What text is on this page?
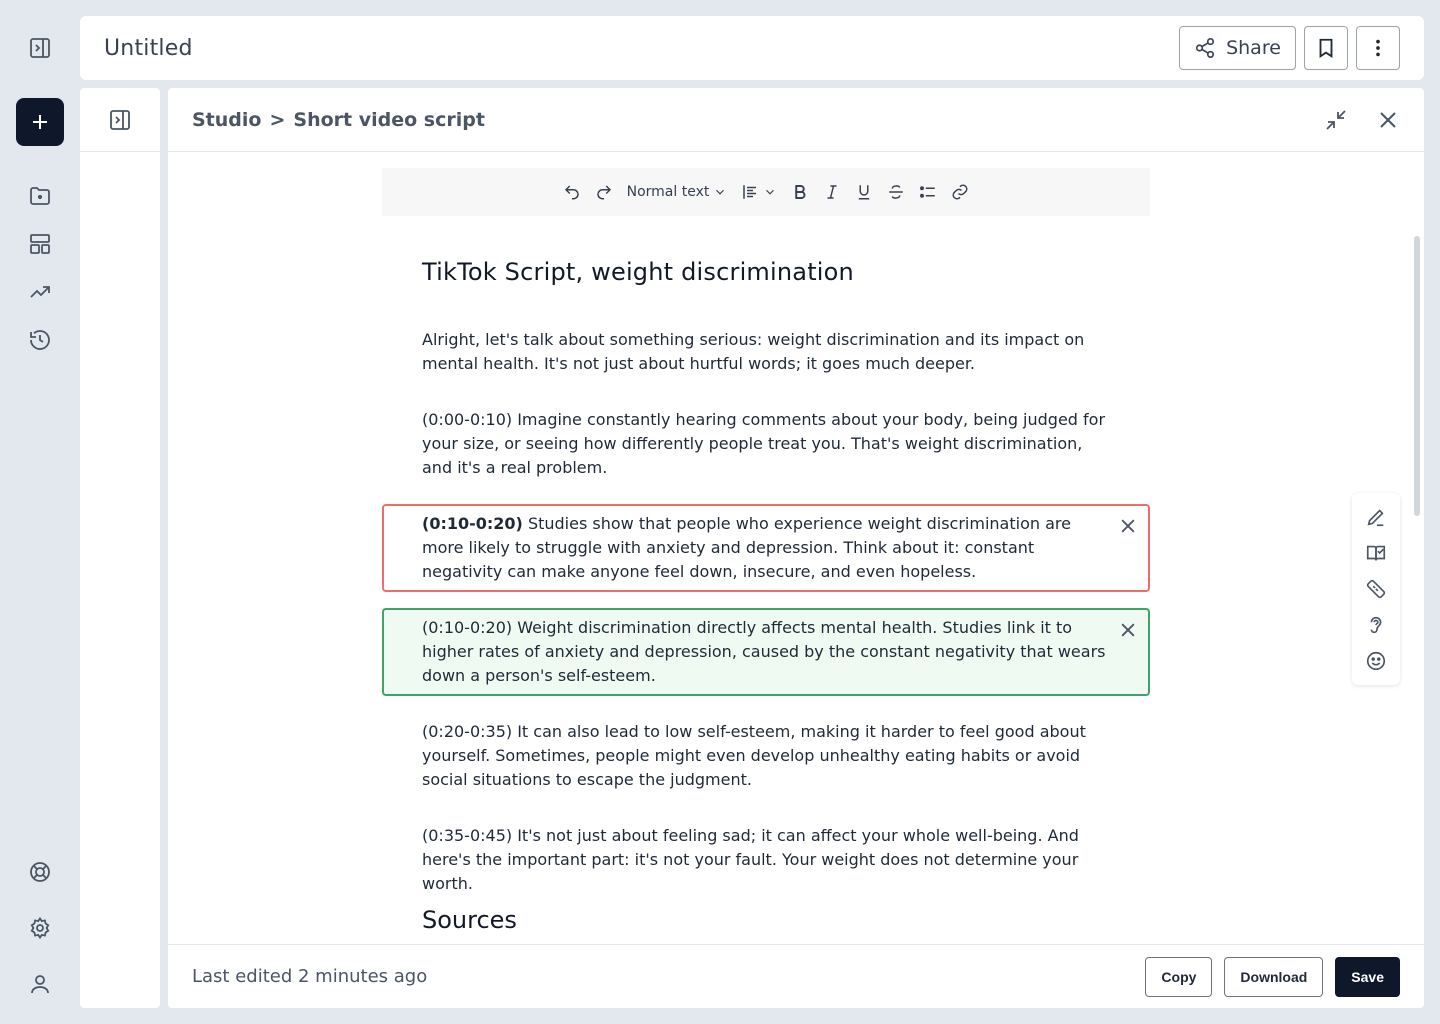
Untitled	Share
Studio > Short video script
Normal text
TikTok Script, weight discrimination

Alright, let's talk about something serious: weight discrimination and its impact on mental health. It's not just about hurtful words; it goes much deeper.

(0:00-0:10) Imagine constantly hearing comments about your body, being judged for your size, or seeing how differently people treat you. That's weight discrimination, and it's a real problem.

(0:20-0:35) It can also lead to low self-esteem, making it harder to feel good about yourself. Sometimes, people might even develop unhealthy eating habits or avoid social situations to escape the judgment.

(0:35-0:45) It's not just about feeling sad; it can affect your whole well-being. And here's the important part: it's not your fault. Your weight does not determine your worth.

(0:10-0:20) Studies show that people who experience weight discrimination are more likely to struggle with anxiety and depression. Think about it: constant negativity can make anyone feel down, insecure, and even hopeless.

(0:10-0:20) Weight discrimination directly affects mental health. Studies link it to higher rates of anxiety and depression, caused by the constant negativity that wears down a person's self-esteem.

Sources
Last edited 2 minutes ago	Copy	Download	Save
